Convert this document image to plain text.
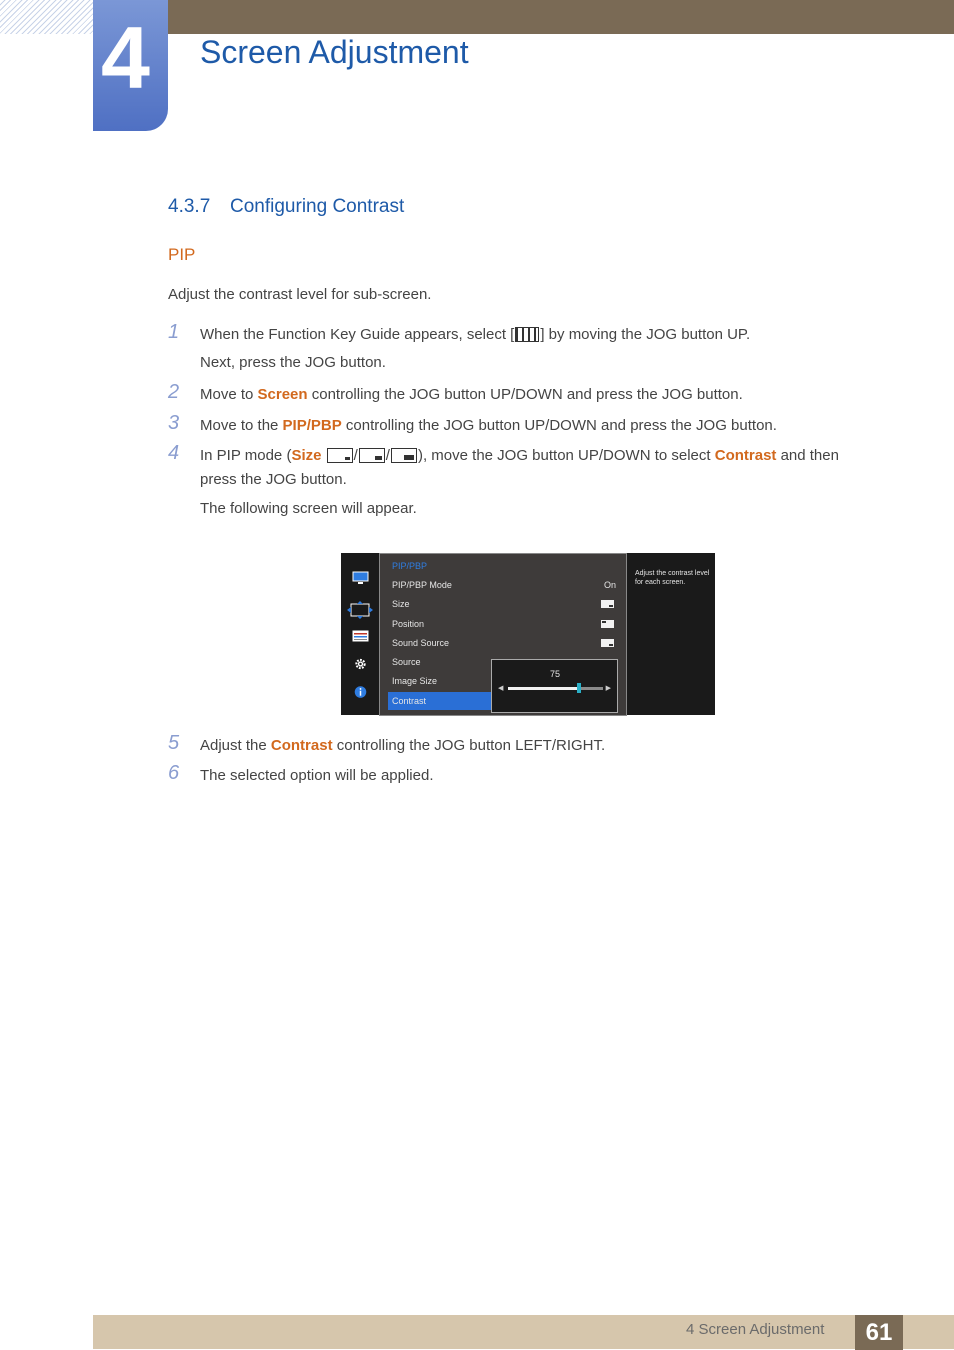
4 Screen Adjustment
4.3.7 Configuring Contrast
PIP
Adjust the contrast level for sub-screen.
1	When the Function Key Guide appears, select [ ] by moving the JOG button UP.
Next, press the JOG button.
2	Move to Screen controlling the JOG button UP/DOWN and press the JOG button.
3	Move to the PIP/PBP controlling the JOG button UP/DOWN and press the JOG button.
4	In PIP mode (Size / / ), move the JOG button UP/DOWN to select Contrast and then
press the JOG button.
The following screen will appear.
PIP/PBP
PIP/PBP Mode	On
Size
Position
Sound Source
Source
Image Size
Contrast
75
◀	▶
Adjust the contrast level for each screen.
5	Adjust the Contrast controlling the JOG button LEFT/RIGHT.
6	The selected option will be applied.
4 Screen Adjustment	61
